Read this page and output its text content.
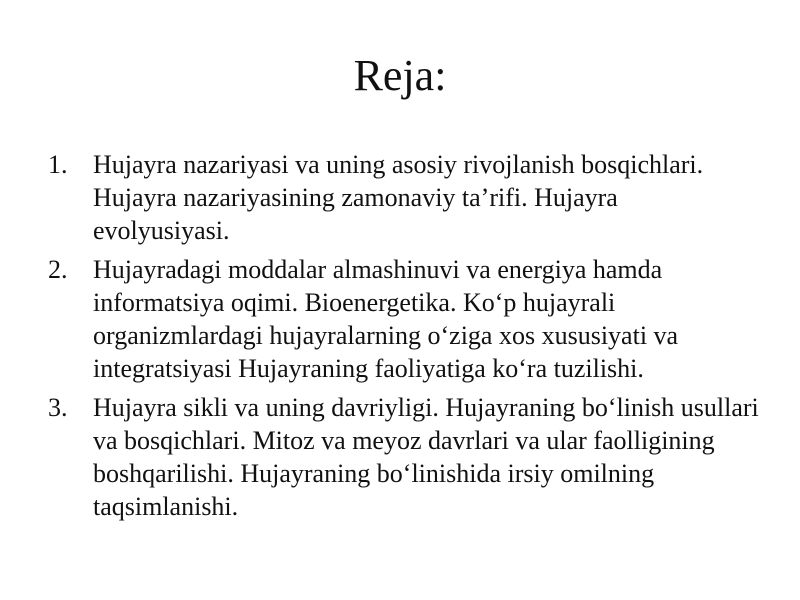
Reja:
1. Hujayra nazariyasi va uning asosiy rivojlanish bosqichlari. Hujayra nazariyasining zamonaviy ta’rifi. Hujayra evolyusiyasi.
2. Hujayradagi moddalar almashinuvi va energiya hamda informatsiya oqimi. Bioenergetika. Ko‘p hujayrali organizmlardagi hujayralarning o‘ziga xos xususiyati va integratsiyasi Hujayraning faoliyatiga ko‘ra tuzilishi.
3. Hujayra sikli va uning davriyligi. Hujayraning bo‘linish usullari va bosqichlari. Mitoz va meyoz davrlari va ular faolligining boshqarilishi. Hujayraning bo‘linishida irsiy omilning taqsimlanishi.
